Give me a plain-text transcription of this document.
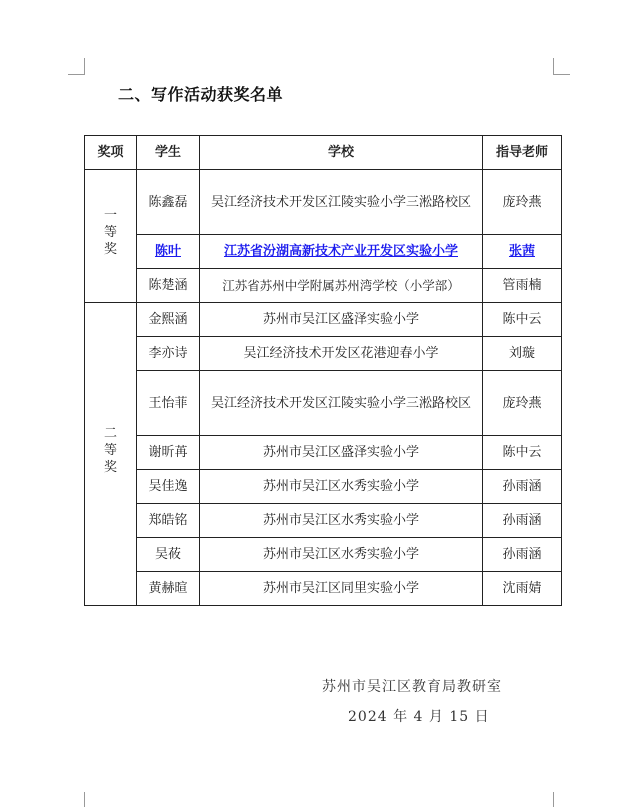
二、写作活动获奖名单
奖项	学生	学校	指导老师
一等奖	陈鑫磊	吴江经济技术开发区江陵实验小学三淞路校区	庞玲燕
	陈叶	江苏省汾湖高新技术产业开发区实验小学	张茜
	陈楚涵	江苏省苏州中学附属苏州湾学校（小学部）	管雨楠
二等奖	金熙涵	苏州市吴江区盛泽实验小学	陈中云
	李亦诗	吴江经济技术开发区花港迎春小学	刘璇
	王怡菲	吴江经济技术开发区江陵实验小学三淞路校区	庞玲燕
	谢昕苒	苏州市吴江区盛泽实验小学	陈中云
	吴佳逸	苏州市吴江区水秀实验小学	孙雨涵
	郑皓铭	苏州市吴江区水秀实验小学	孙雨涵
	吴莜	苏州市吴江区水秀实验小学	孙雨涵
	黄赫暄	苏州市吴江区同里实验小学	沈雨婧
苏州市吴江区教育局教研室
2024 年 4 月 15 日
